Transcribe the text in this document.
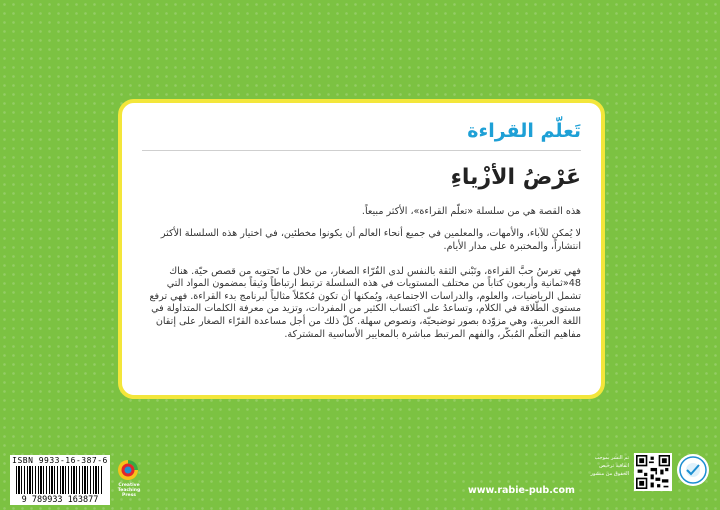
تَعلّم القراءة
عَرْضُ الأزْياءِ

هذه القصة هي من سلسلة «تعلّم القراءة»، الأكثر مبيعاً.

لا يُمكن للآباء، والأمهات، والمعلمين في جميع أنحاء العالم أن يكونوا مخطئين، في اختيار هذه السلسلة الأكثر انتشاراً، والمختبرة على مدار الأيام.

فهي تغرسُ حبَّ القراءة، وتَبْني الثقة بالنفس لدى القُرّاء الصغار، من خلال ما تَحتويه من قصص حيّة. هناك 48«ثمانية وأربعون كتاباً من مختلف المستويات في هذه السلسلة ترتبط ارتباطاً وثيقاً بمضمون المواد التي تشمل الرياضيات، والعلوم، والدراسات الاجتماعية، ويُمكنها أن تكون مُكمّلاً مثالياً لبرنامج بدء القراءة. فهي ترفع مستوى الطّلاقة في الكلام، وتساعدُ على اكتساب الكثير من المفردات، وتزيد من معرفة الكلمات المتداولة في اللغة العربية، وهي مزوّدة بصور توضيحيّة، ونصوص سهلة. كلّ ذلك من أجل مساعدة القرّاء الصغار على إتقان مفاهيم التعلّم المُبكّر، والفهم المرتبط مباشرة بالمعايير الأساسية المشتركة.

ISBN 9933-16-387-6
9 789933 163877
Creative Teaching Press	www.rabie-pub.com
تم النشر بموجب اتفاقية ترخيص الحقوق من منشور
